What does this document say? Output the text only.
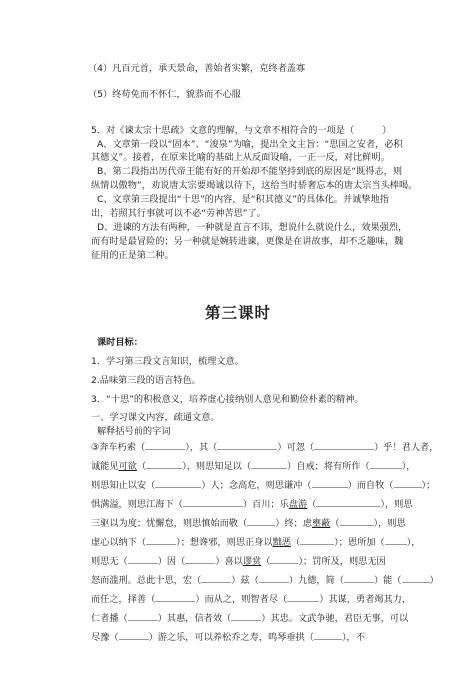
（4）凡百元首，承天景命，善始者实繁，克终者盖寡
（5）终苟免而不怀仁，貌恭而不心服
5．对《谏太宗十思疏》文意的理解，与文章不相符合的一项是（	）
A、文章第一段以“固本”、“浚泉”为喻，提出全文主旨：“思国之安者，必积
其德义”。接着，在原来比喻的基础上从反面设喻，一正一反，对比鲜明。
B、第二段指出历代帝王能有好的开始却不能坚持到底的原因是“既得志，则
纵情以傲物”，劝说唐太宗要竭诚以待下，这给当时骄奢忘本的唐太宗当头棒喝。
C、文章第三段提出“十思”的内容，是“积其德义”的具体化。并诚挚地指
出，若照其行事就可以不必“劳神苦思”了。
D、进谏的方法有两种，一种就是直言不讳，想说什么就说什么，效果强烈，
而有时是最冒险的；另一种就是婉转进谏，更像是在讲故事，却不乏趣味，魏
征用的正是第二种。
第三课时
课时目标：
1．学习第三段文言知识，梳理文意。
2.品味第三段的语言特色。
3．“十思”的积极意义，培养虚心接纳别人意见和勤俭朴素的精神。
一、学习课文内容，疏通文意。
解释括号前的字词
③奔车朽索（	），其（	）可忽（	）乎！君人者，
诚能见可欲（	），则思知足以（	）自戒；将有所作（	），
则思知止以安（	）人；念高危，则思谦冲（	）而自牧（	）；
惧满溢，则思江海下（	）百川；乐盘游（	），则思
三驱以为度；忧懈怠，则思慎始而敬（	）终；虑壅蔽（	），则思
虚心以纳下（	）；想谗邪，则思正身以黜恶（	）；恩所加（ ），
则思无（	）因（	）喜以谬赏（	）；罚所及，则思无因
怒而滥刑。总此十思，宏（	）兹（	）九德，简（	）能（	）
而任之，择善（	）而从之，则智者尽（	）其谋，勇者竭其力，
仁者播（	）其惠，信者效（	）其忠。文武争驰，君臣无事，可以
尽豫（	）游之乐，可以养松乔之寿，鸣琴垂拱（	），不
